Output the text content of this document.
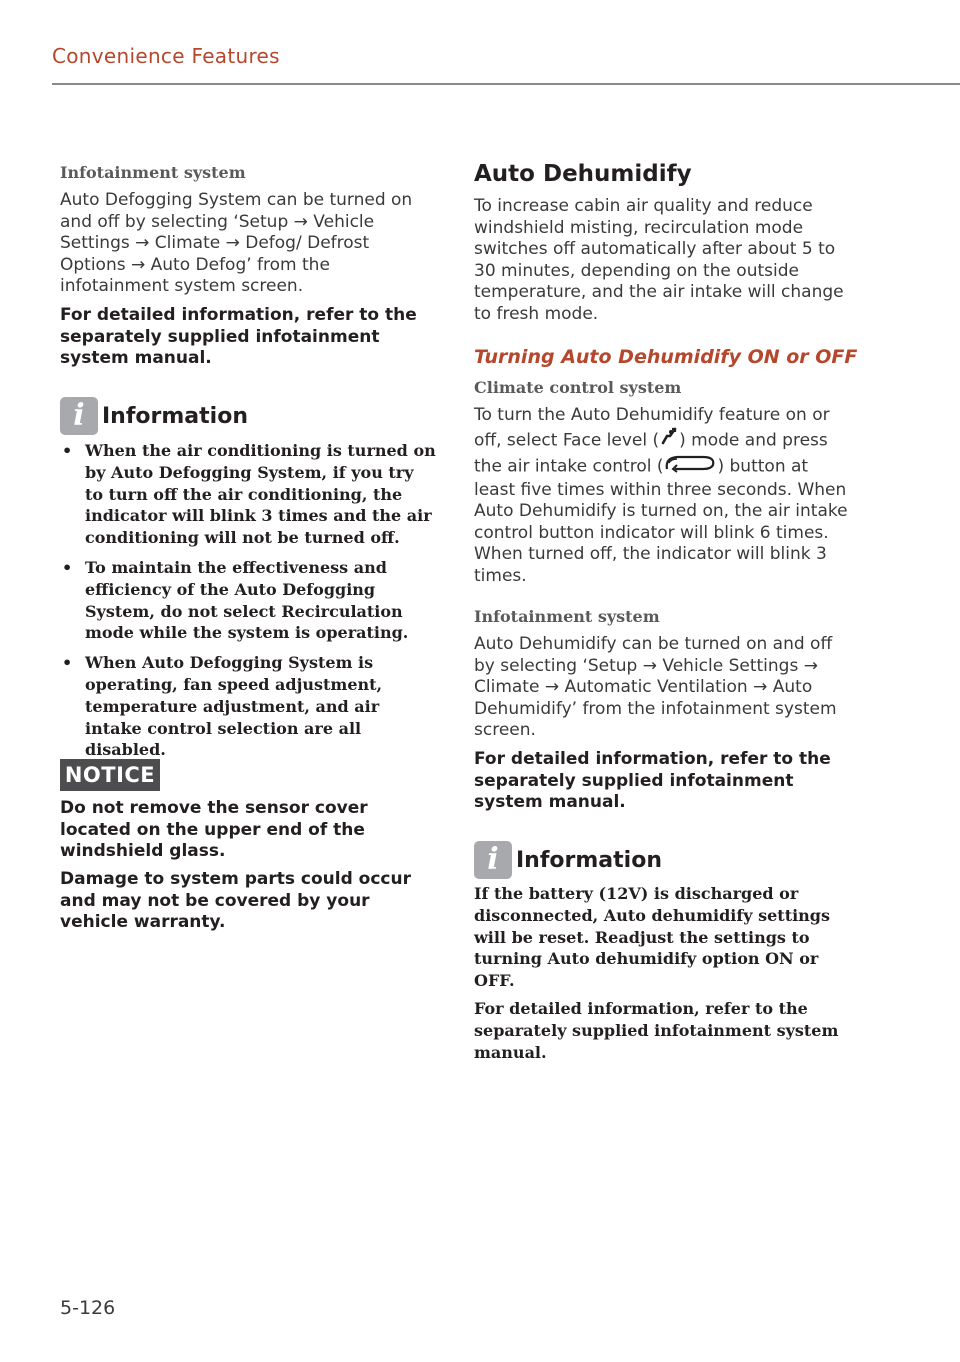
Convenience Features
Infotainment system

Auto Defogging System can be turned on and off by selecting ‘Setup → Vehicle Settings → Climate → Defog/ Defrost Options → Auto Defog’ from the infotainment system screen.

For detailed information, refer to the separately supplied infotainment system manual.

i Information
• When the air conditioning is turned on by Auto Defogging System, if you try to turn off the air conditioning, the indicator will blink 3 times and the air conditioning will not be turned off.
• To maintain the effectiveness and efficiency of the Auto Defogging System, do not select Recirculation mode while the system is operating.
• When Auto Defogging System is operating, fan speed adjustment, temperature adjustment, and air intake control selection are all disabled.
NOTICE

Do not remove the sensor cover located on the upper end of the windshield glass.

Damage to system parts could occur and may not be covered by your vehicle warranty.

Auto Dehumidify

To increase cabin air quality and reduce windshield misting, recirculation mode switches off automatically after about 5 to 30 minutes, depending on the outside temperature, and the air intake will change to fresh mode.

Turning Auto Dehumidify ON or OFF
Climate control system

To turn the Auto Dehumidify feature on or off, select Face level ( ) mode and press the air intake control (	) button at least five times within three seconds. When Auto Dehumidify is turned on, the air intake control button indicator will blink 6 times. When turned off, the indicator will blink 3 times.

Infotainment system

Auto Dehumidify can be turned on and off by selecting ‘Setup → Vehicle Settings → Climate → Automatic Ventilation → Auto Dehumidify’ from the infotainment system screen.

For detailed information, refer to the separately supplied infotainment system manual.

i Information

If the battery (12V) is discharged or disconnected, Auto dehumidify settings will be reset. Readjust the settings to turning Auto dehumidify option ON or OFF.

For detailed information, refer to the separately supplied infotainment system manual.

5-126
